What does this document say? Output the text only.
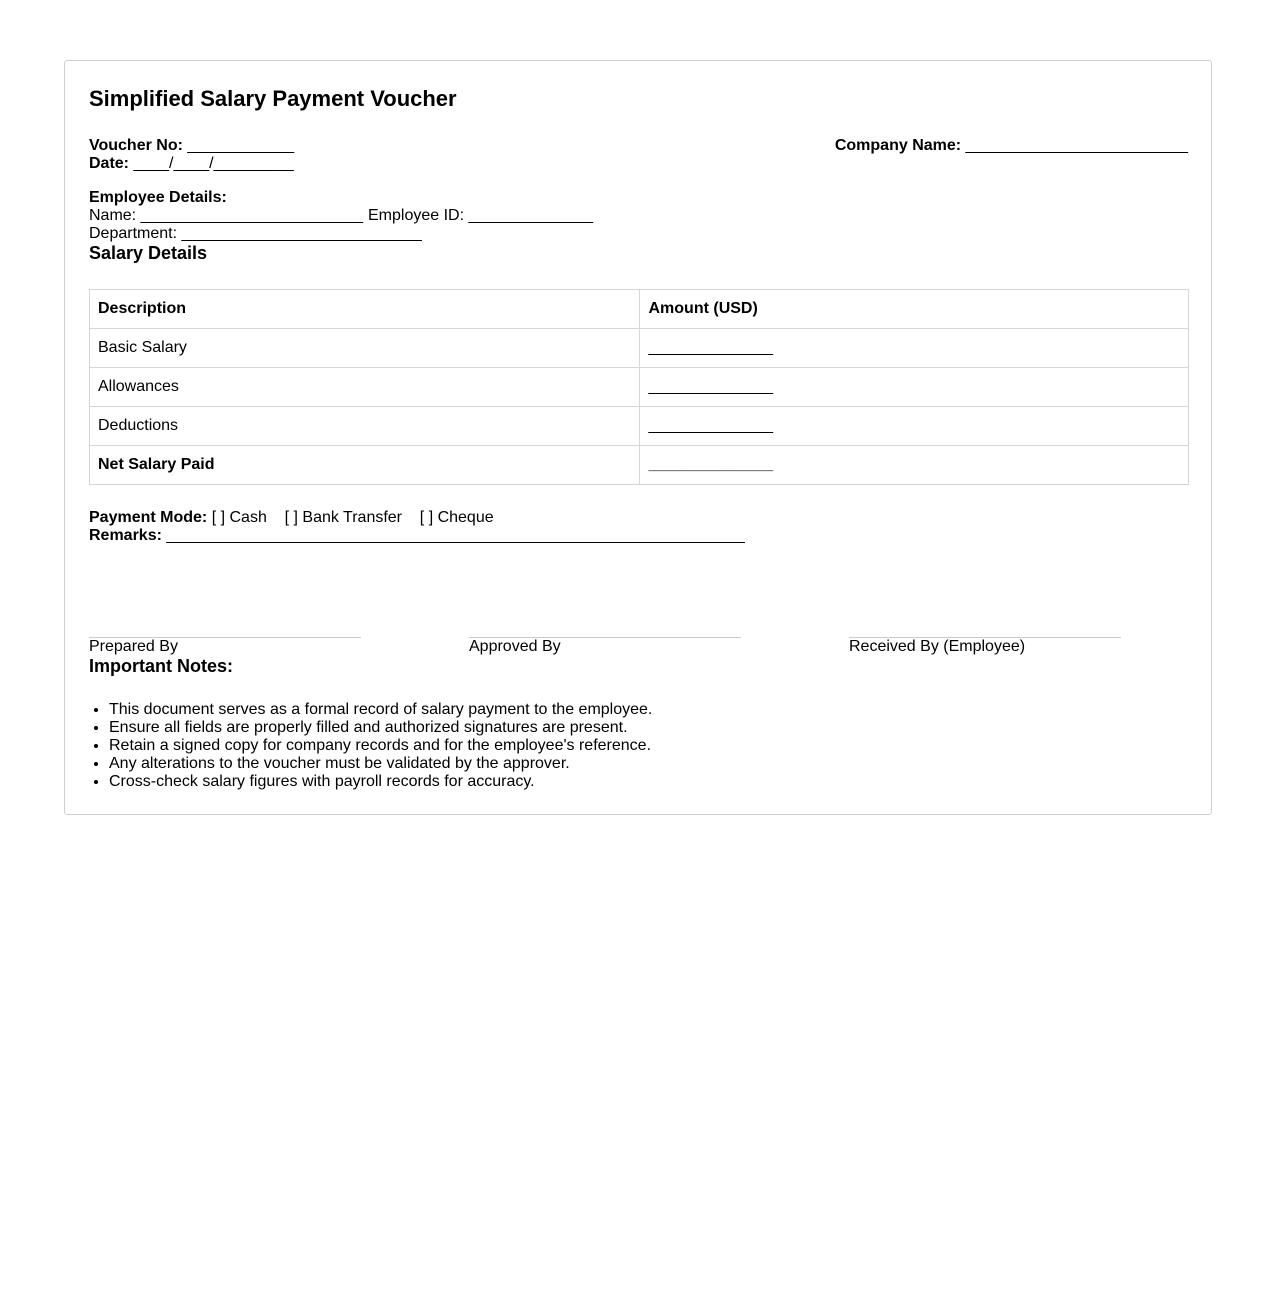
Simplified Salary Payment Voucher
Voucher No: ____________
Date: ____/____/_________
Company Name: _________________________
Employee Details:
Name: _________________________ Employee ID: ______________
Department: ___________________________
Salary Details
Description	Amount (USD)
Basic Salary	______________
Allowances	______________
Deductions	______________
Net Salary Paid	______________
Payment Mode: [ ] Cash [ ] Bank Transfer [ ] Cheque
Remarks: _________________________________________________________________
Prepared By	Approved By	Received By (Employee)
Important Notes:
• This document serves as a formal record of salary payment to the employee.
• Ensure all fields are properly filled and authorized signatures are present.
• Retain a signed copy for company records and for the employee's reference.
• Any alterations to the voucher must be validated by the approver.
• Cross-check salary figures with payroll records for accuracy.
